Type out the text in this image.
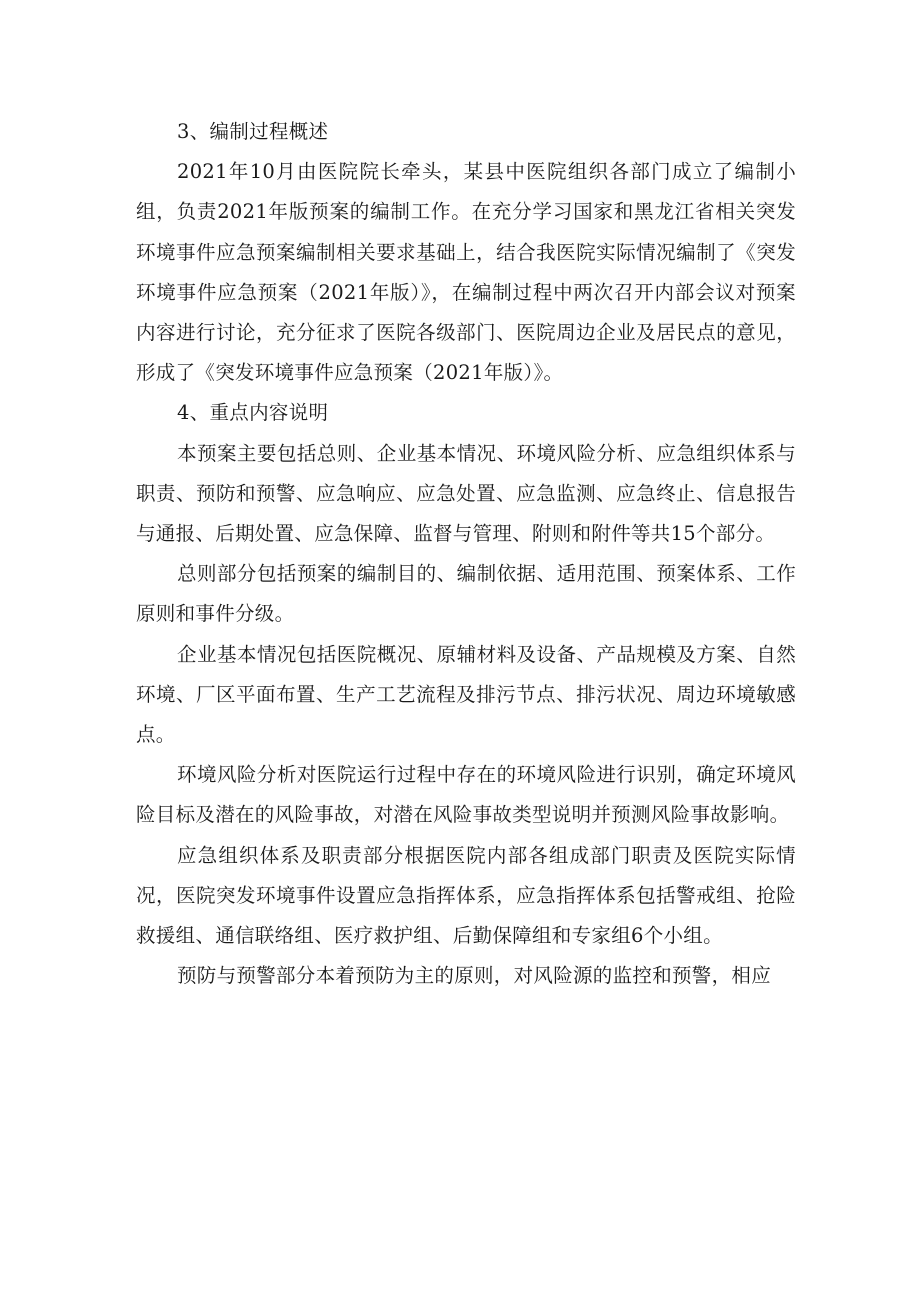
3、编制过程概述

2021年10月由医院院长牵头，某县中医院组织各部门成立了编制小组，负责2021年版预案的编制工作。在充分学习国家和黑龙江省相关突发环境事件应急预案编制相关要求基础上，结合我医院实际情况编制了《突发环境事件应急预案（2021年版）》，在编制过程中两次召开内部会议对预案内容进行讨论，充分征求了医院各级部门、医院周边企业及居民点的意见，形成了《突发环境事件应急预案（2021年版）》。

4、重点内容说明

本预案主要包括总则、企业基本情况、环境风险分析、应急组织体系与职责、预防和预警、应急响应、应急处置、应急监测、应急终止、信息报告与通报、后期处置、应急保障、监督与管理、附则和附件等共15个部分。

总则部分包括预案的编制目的、编制依据、适用范围、预案体系、工作原则和事件分级。

企业基本情况包括医院概况、原辅材料及设备、产品规模及方案、自然环境、厂区平面布置、生产工艺流程及排污节点、排污状况、周边环境敏感点。

环境风险分析对医院运行过程中存在的环境风险进行识别，确定环境风险目标及潜在的风险事故，对潜在风险事故类型说明并预测风险事故影响。

应急组织体系及职责部分根据医院内部各组成部门职责及医院实际情况，医院突发环境事件设置应急指挥体系，应急指挥体系包括警戒组、抢险救援组、通信联络组、医疗救护组、后勤保障组和专家组6个小组。

预防与预警部分本着预防为主的原则，对风险源的监控和预警，相应
